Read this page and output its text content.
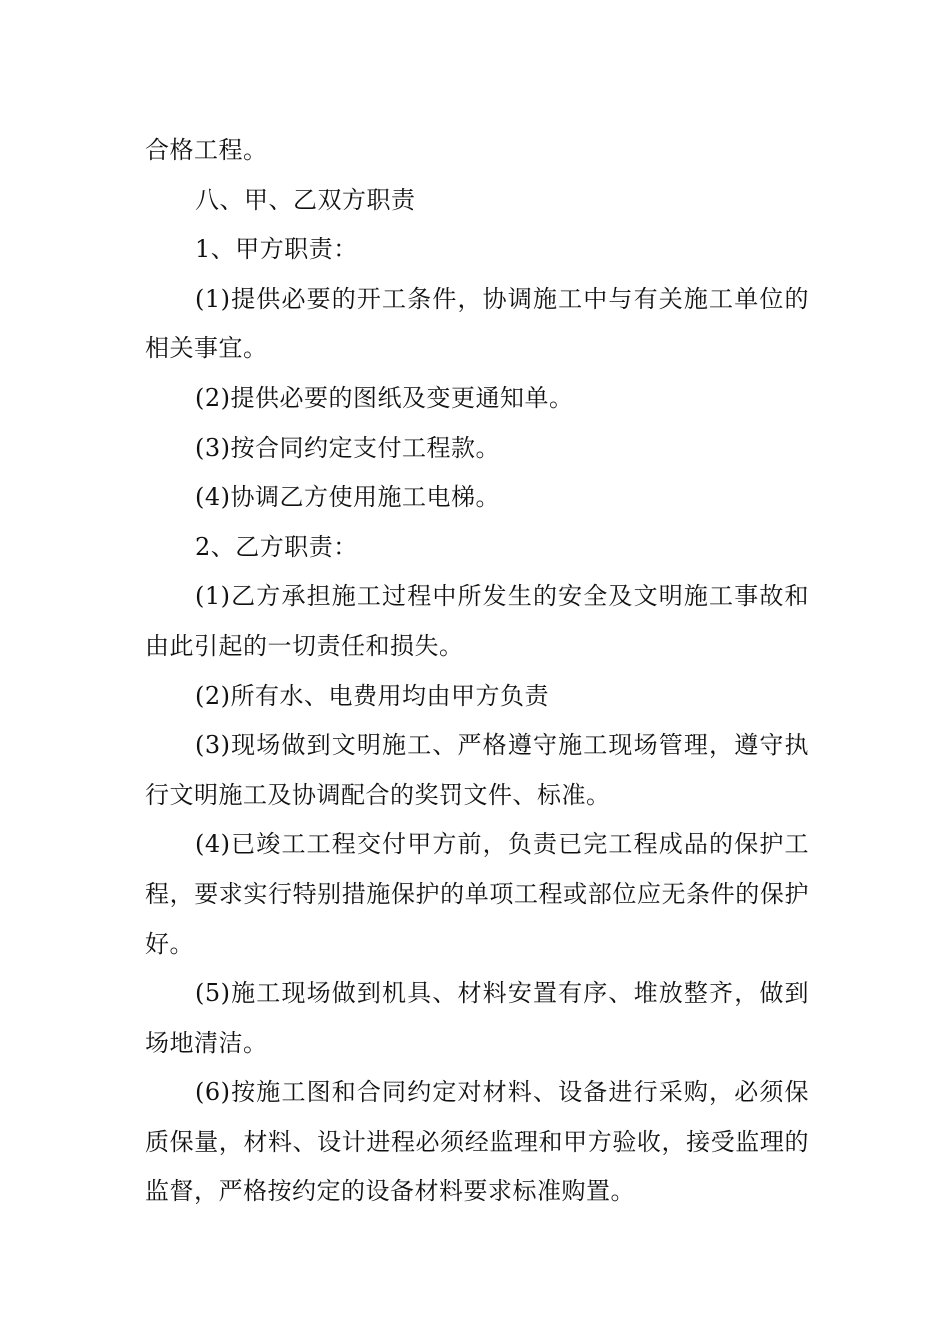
合格工程。

八、甲、乙双方职责

1、甲方职责：

(1)提供必要的开工条件，协调施工中与有关施工单位的相关事宜。

(2)提供必要的图纸及变更通知单。

(3)按合同约定支付工程款。

(4)协调乙方使用施工电梯。

2、乙方职责：

(1)乙方承担施工过程中所发生的安全及文明施工事故和由此引起的一切责任和损失。

(2)所有水、电费用均由甲方负责

(3)现场做到文明施工、严格遵守施工现场管理，遵守执行文明施工及协调配合的奖罚文件、标准。

(4)已竣工工程交付甲方前，负责已完工程成品的保护工程，要求实行特别措施保护的单项工程或部位应无条件的保护好。

(5)施工现场做到机具、材料安置有序、堆放整齐，做到场地清洁。

(6)按施工图和合同约定对材料、设备进行采购，必须保质保量，材料、设计进程必须经监理和甲方验收，接受监理的监督，严格按约定的设备材料要求标准购置。
